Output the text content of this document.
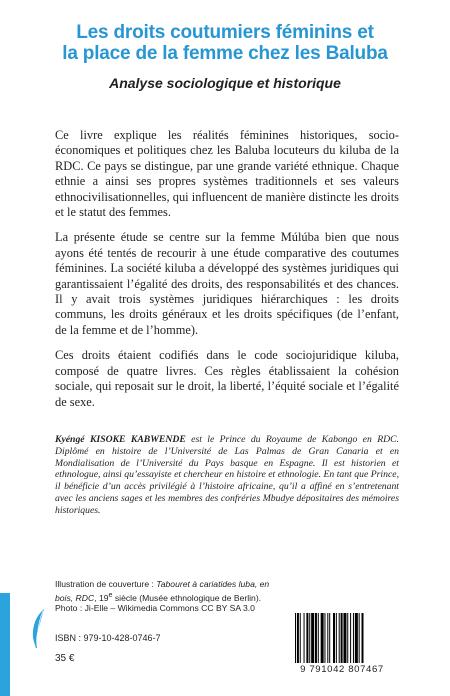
Les droits coutumiers féminins et
la place de la femme chez les Baluba
Analyse sociologique et historique

Ce livre explique les réalités féminines historiques, socio-économiques et politiques chez les Baluba locuteurs du kiluba de la RDC. Ce pays se distingue, par une grande variété ethnique. Chaque ethnie a ainsi ses propres systèmes traditionnels et ses valeurs ethnocivilisationnelles, qui influencent de manière distincte les droits et le statut des femmes.

La présente étude se centre sur la femme Múlúba bien que nous ayons été tentés de recourir à une étude comparative des coutumes féminines. La société kiluba a développé des systèmes juridiques qui garantissaient l’égalité des droits, des responsabilités et des chances. Il y avait trois systèmes juridiques hiérarchiques : les droits communs, les droits généraux et les droits spécifiques (de l’enfant, de la femme et de l’homme).

Ces droits étaient codifiés dans le code sociojuridique kiluba, composé de quatre livres. Ces règles établissaient la cohésion sociale, qui reposait sur le droit, la liberté, l’équité sociale et l’égalité de sexe.

Kyéngé KISOKE KABWENDE est le Prince du Royaume de Kabongo en RDC. Diplômé en histoire de l’Université de Las Palmas de Gran Canaria et en Mondialisation de l’Université du Pays basque en Espagne. Il est historien et ethnologue, ainsi qu’essayiste et chercheur en histoire et ethnologie. En tant que Prince, il bénéficie d’un accès privilégié à l’histoire africaine, qu’il a affiné en s’entretenant avec les anciens sages et les membres des confréries Mbudye dépositaires des mémoires historiques.
Illustration de couverture : Tabouret à cariatides luba, en bois, RDC, 19e siècle (Musée ethnologique de Berlin).
Photo : Ji-Elle – Wikimedia Commons CC BY SA 3.0
ISBN : 979-10-428-0746-7
35 €
9 791042 807467
